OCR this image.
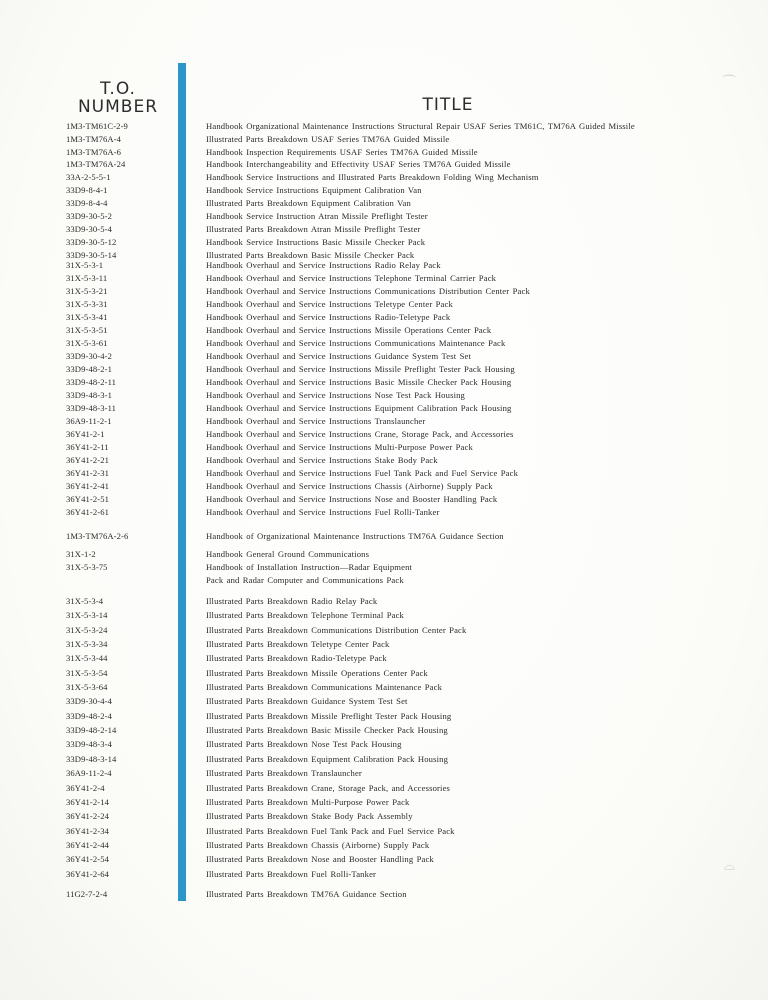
T.O.
NUMBER	TITLE
1M3-TM61C-2-9	Handbook Organizational Maintenance Instructions Structural Repair USAF Series TM61C, TM76A Guided Missile
1M3-TM76A-4	Illustrated Parts Breakdown USAF Series TM76A Guided Missile
1M3-TM76A-6	Handbook Inspection Requirements USAF Series TM76A Guided Missile
1M3-TM76A-24	Handbook Interchangeability and Effectivity USAF Series TM76A Guided Missile
33A-2-5-5-1	Handbook Service Instructions and Illustrated Parts Breakdown Folding Wing Mechanism
33D9-8-4-1	Handbook Service Instructions Equipment Calibration Van
33D9-8-4-4	Illustrated Parts Breakdown Equipment Calibration Van
33D9-30-5-2	Handbook Service Instruction Atran Missile Preflight Tester
33D9-30-5-4	Illustrated Parts Breakdown Atran Missile Preflight Tester
33D9-30-5-12	Handbook Service Instructions Basic Missile Checker Pack
33D9-30-5-14	Illustrated Parts Breakdown Basic Missile Checker Pack
31X-5-3-1	Handbook Overhaul and Service Instructions Radio Relay Pack
31X-5-3-11	Handbook Overhaul and Service Instructions Telephone Terminal Carrier Pack
31X-5-3-21	Handbook Overhaul and Service Instructions Communications Distribution Center Pack
31X-5-3-31	Handbook Overhaul and Service Instructions Teletype Center Pack
31X-5-3-41	Handbook Overhaul and Service Instructions Radio-Teletype Pack
31X-5-3-51	Handbook Overhaul and Service Instructions Missile Operations Center Pack
31X-5-3-61	Handbook Overhaul and Service Instructions Communications Maintenance Pack
33D9-30-4-2	Handbook Overhaul and Service Instructions Guidance System Test Set
33D9-48-2-1	Handbook Overhaul and Service Instructions Missile Preflight Tester Pack Housing
33D9-48-2-11	Handbook Overhaul and Service Instructions Basic Missile Checker Pack Housing
33D9-48-3-1	Handbook Overhaul and Service Instructions Nose Test Pack Housing
33D9-48-3-11	Handbook Overhaul and Service Instructions Equipment Calibration Pack Housing
36A9-11-2-1	Handbook Overhaul and Service Instructions Translauncher
36Y41-2-1	Handbook Overhaul and Service Instructions Crane, Storage Pack, and Accessories
36Y41-2-11	Handbook Overhaul and Service Instructions Multi-Purpose Power Pack
36Y41-2-21	Handbook Overhaul and Service Instructions Stake Body Pack
36Y41-2-31	Handbook Overhaul and Service Instructions Fuel Tank Pack and Fuel Service Pack
36Y41-2-41	Handbook Overhaul and Service Instructions Chassis (Airborne) Supply Pack
36Y41-2-51	Handbook Overhaul and Service Instructions Nose and Booster Handling Pack
36Y41-2-61	Handbook Overhaul and Service Instructions Fuel Rolli-Tanker
1M3-TM76A-2-6	Handbook of Organizational Maintenance Instructions TM76A Guidance Section
31X-1-2	Handbook General Ground Communications
31X-5-3-75	Handbook of Installation Instruction—Radar Equipment
Pack and Radar Computer and Communications Pack
31X-5-3-4	Illustrated Parts Breakdown Radio Relay Pack
31X-5-3-14	Illustrated Parts Breakdown Telephone Terminal Pack
31X-5-3-24	Illustrated Parts Breakdown Communications Distribution Center Pack
31X-5-3-34	Illustrated Parts Breakdown Teletype Center Pack
31X-5-3-44	Illustrated Parts Breakdown Radio-Teletype Pack
31X-5-3-54	Illustrated Parts Breakdown Missile Operations Center Pack
31X-5-3-64	Illustrated Parts Breakdown Communications Maintenance Pack
33D9-30-4-4	Illustrated Parts Breakdown Guidance System Test Set
33D9-48-2-4	Illustrated Parts Breakdown Missile Preflight Tester Pack Housing
33D9-48-2-14	Illustrated Parts Breakdown Basic Missile Checker Pack Housing
33D9-48-3-4	Illustrated Parts Breakdown Nose Test Pack Housing
33D9-48-3-14	Illustrated Parts Breakdown Equipment Calibration Pack Housing
36A9-11-2-4	Illustrated Parts Breakdown Translauncher
36Y41-2-4	Illustrated Parts Breakdown Crane, Storage Pack, and Accessories
36Y41-2-14	Illustrated Parts Breakdown Multi-Purpose Power Pack
36Y41-2-24	Illustrated Parts Breakdown Stake Body Pack Assembly
36Y41-2-34	Illustrated Parts Breakdown Fuel Tank Pack and Fuel Service Pack
36Y41-2-44	Illustrated Parts Breakdown Chassis (Airborne) Supply Pack
36Y41-2-54	Illustrated Parts Breakdown Nose and Booster Handling Pack
36Y41-2-64	Illustrated Parts Breakdown Fuel Rolli-Tanker
11G2-7-2-4	Illustrated Parts Breakdown TM76A Guidance Section
⌒
⌓
